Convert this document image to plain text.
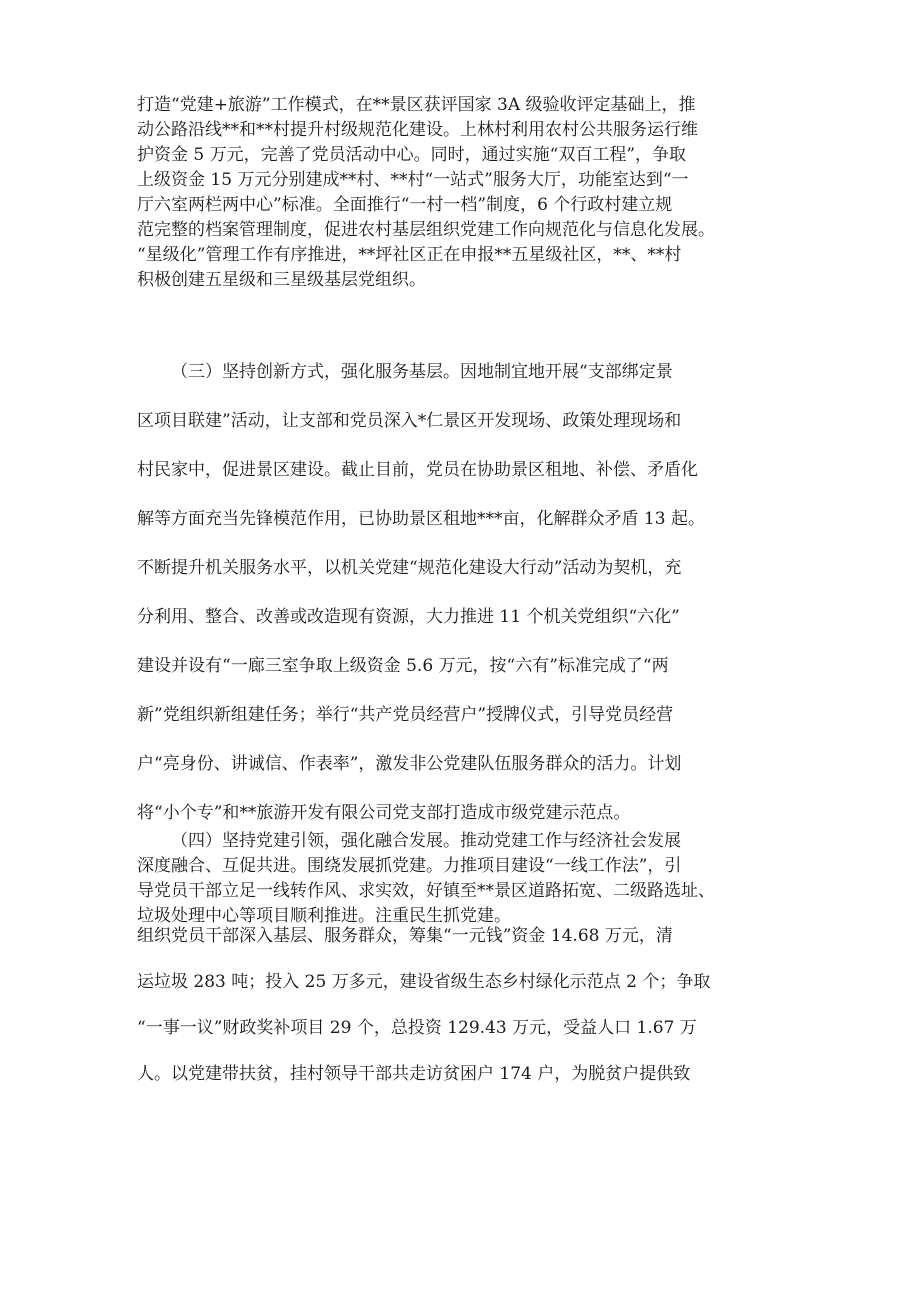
打造“党建+旅游”工作模式，在**景区获评国家 3A 级验收评定基础上，推
动公路沿线**和**村提升村级规范化建设。上林村利用农村公共服务运行维
护资金 5 万元，完善了党员活动中心。同时，通过实施“双百工程”，争取
上级资金 15 万元分别建成**村、**村“一站式”服务大厅，功能室达到“一
厅六室两栏两中心”标准。全面推行“一村一档”制度，6 个行政村建立规
范完整的档案管理制度，促进农村基层组织党建工作向规范化与信息化发展。
“星级化”管理工作有序推进，**坪社区正在申报**五星级社区，**、**村
积极创建五星级和三星级基层党组织。
（三）坚持创新方式，强化服务基层。因地制宜地开展“支部绑定景
区项目联建”活动，让支部和党员深入*仁景区开发现场、政策处理现场和
村民家中，促进景区建设。截止目前，党员在协助景区租地、补偿、矛盾化
解等方面充当先锋模范作用，已协助景区租地***亩，化解群众矛盾 13 起。
不断提升机关服务水平，以机关党建“规范化建设大行动”活动为契机，充
分利用、整合、改善或改造现有资源，大力推进 11 个机关党组织“六化”
建设并设有“一廊三室争取上级资金 5.6 万元，按“六有”标准完成了“两
新”党组织新组建任务；举行“共产党员经营户”授牌仪式，引导党员经营
户“亮身份、讲诚信、作表率”，激发非公党建队伍服务群众的活力。计划
将“小个专”和**旅游开发有限公司党支部打造成市级党建示范点。
（四）坚持党建引领，强化融合发展。推动党建工作与经济社会发展
深度融合、互促共进。围绕发展抓党建。力推项目建设“一线工作法”，引
导党员干部立足一线转作风、求实效，好镇至**景区道路拓宽、二级路选址、
垃圾处理中心等项目顺利推进。注重民生抓党建。
组织党员干部深入基层、服务群众，筹集“一元钱”资金 14.68 万元，清
运垃圾 283 吨；投入 25 万多元，建设省级生态乡村绿化示范点 2 个；争取
“一事一议”财政奖补项目 29 个，总投资 129.43 万元，受益人口 1.67 万
人。以党建带扶贫，挂村领导干部共走访贫困户 174 户，为脱贫户提供致
